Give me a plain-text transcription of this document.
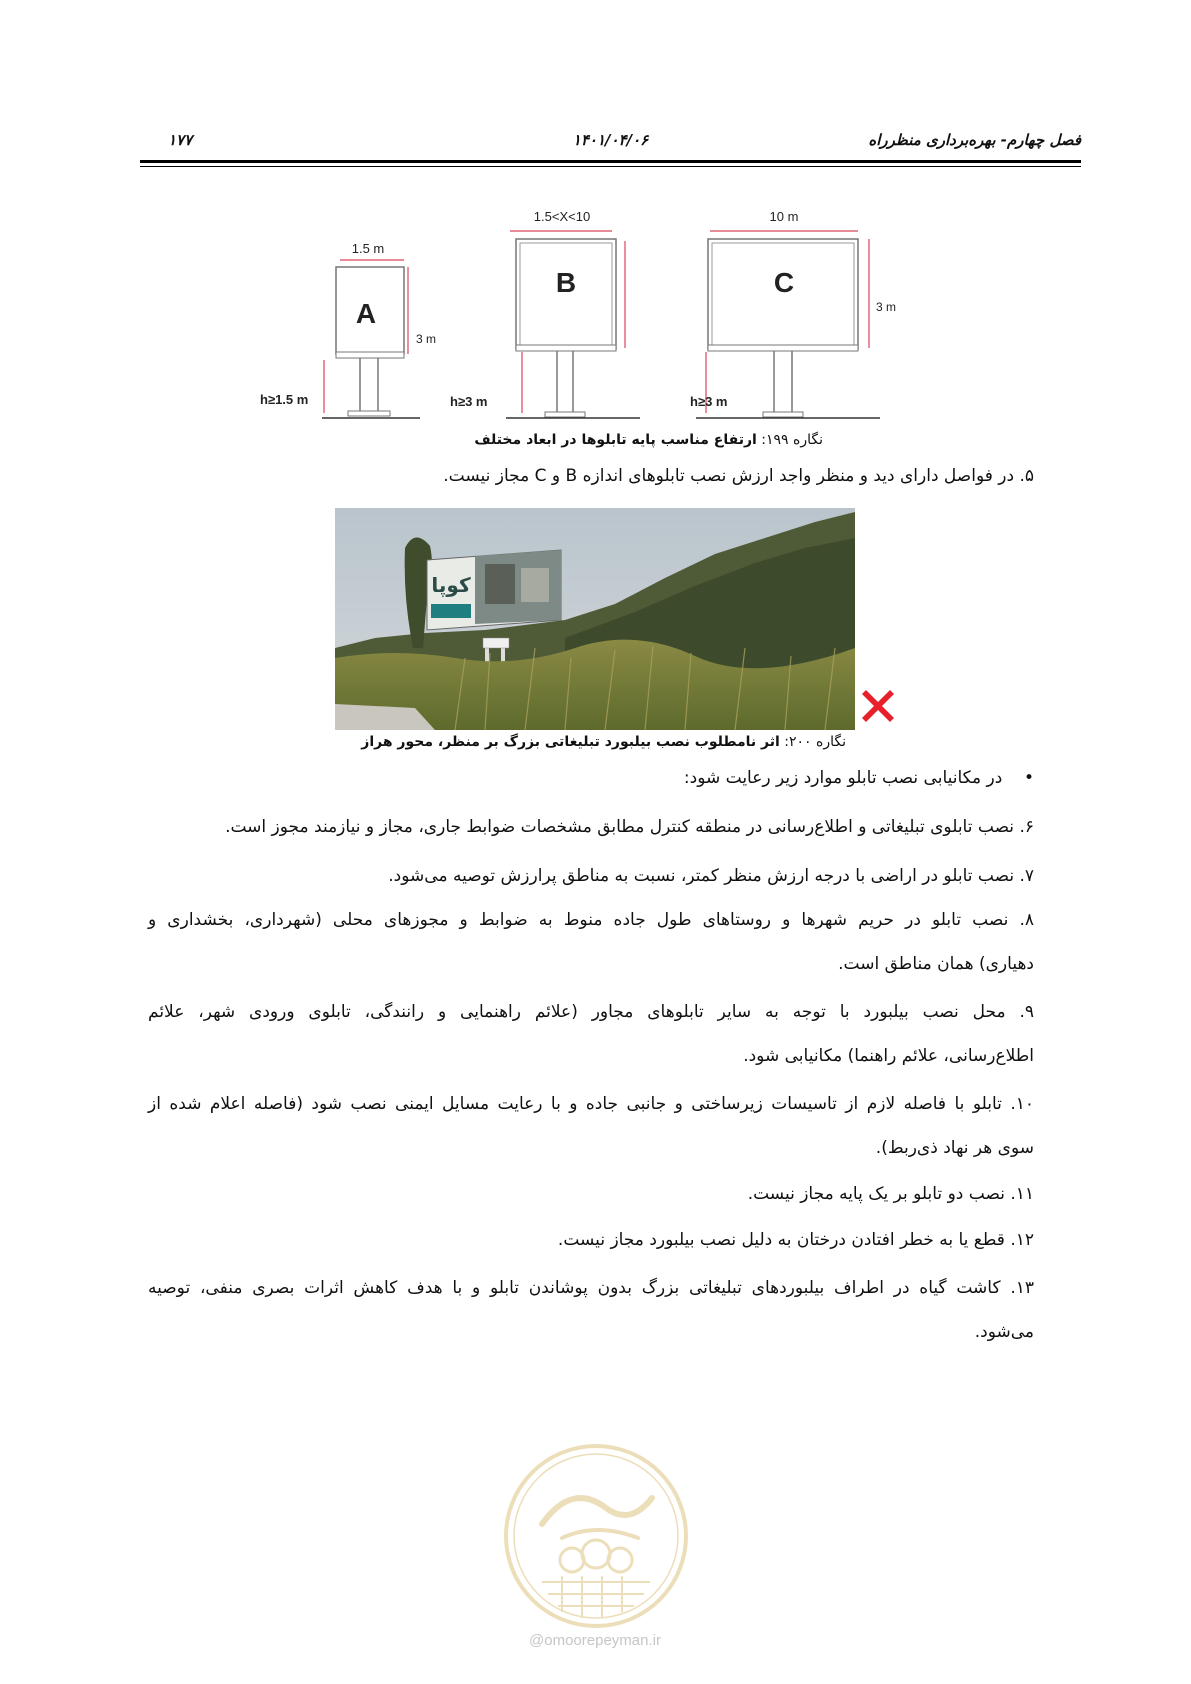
فصل چهارم- بهره‌برداری منظرراه
۱۴۰۱/۰۴/۰۶
۱۷۷
A
1.5 m
3 m
h≥1.5 m
B
1.5<X<10
h≥3 m
C
10 m
3 m
h≥3 m
نگاره ۱۹۹: ارتفاع مناسب پایه تابلوها در ابعاد مختلف
۵. در فواصل دارای دید و منظر واجد ارزش نصب تابلوهای اندازه B و C مجاز نیست.
کوپا
نگاره ۲۰۰: اثر نامطلوب نصب بیلبورد تبلیغاتی بزرگ بر منظر، محور هراز
•    در مکانیابی نصب تابلو موارد زیر رعایت شود:
۶. نصب تابلوی تبلیغاتی و اطلاع‌رسانی در منطقه کنترل مطابق مشخصات ضوابط جاری، مجاز و نیازمند مجوز است.
۷. نصب تابلو در اراضی با درجه ارزش منظر کمتر، نسبت به مناطق پرارزش توصیه می‌شود.
۸. نصب تابلو در حریم شهرها و روستاهای طول جاده منوط به ضوابط و مجوزهای محلی (شهرداری، بخشداری و
دهیاری) همان مناطق است.
۹. محل نصب بیلبورد با توجه به سایر تابلوهای مجاور (علائم راهنمایی و رانندگی، تابلوی ورودی شهر، علائم
اطلاع‌رسانی، علائم راهنما) مکانیابی شود.
۱۰. تابلو با فاصله لازم از تاسیسات زیرساختی و جانبی جاده و با رعایت مسایل ایمنی نصب شود (فاصله اعلام شده از
سوی هر نهاد ذی‌ربط).
۱۱. نصب دو تابلو بر یک پایه مجاز نیست.
۱۲. قطع یا به خطر افتادن درختان به دلیل نصب بیلبورد مجاز نیست.
۱۳. کاشت گیاه در اطراف بیلبوردهای تبلیغاتی بزرگ بدون پوشاندن تابلو و با هدف کاهش اثرات بصری منفی، توصیه
می‌شود.
@omoorepeyman.ir
